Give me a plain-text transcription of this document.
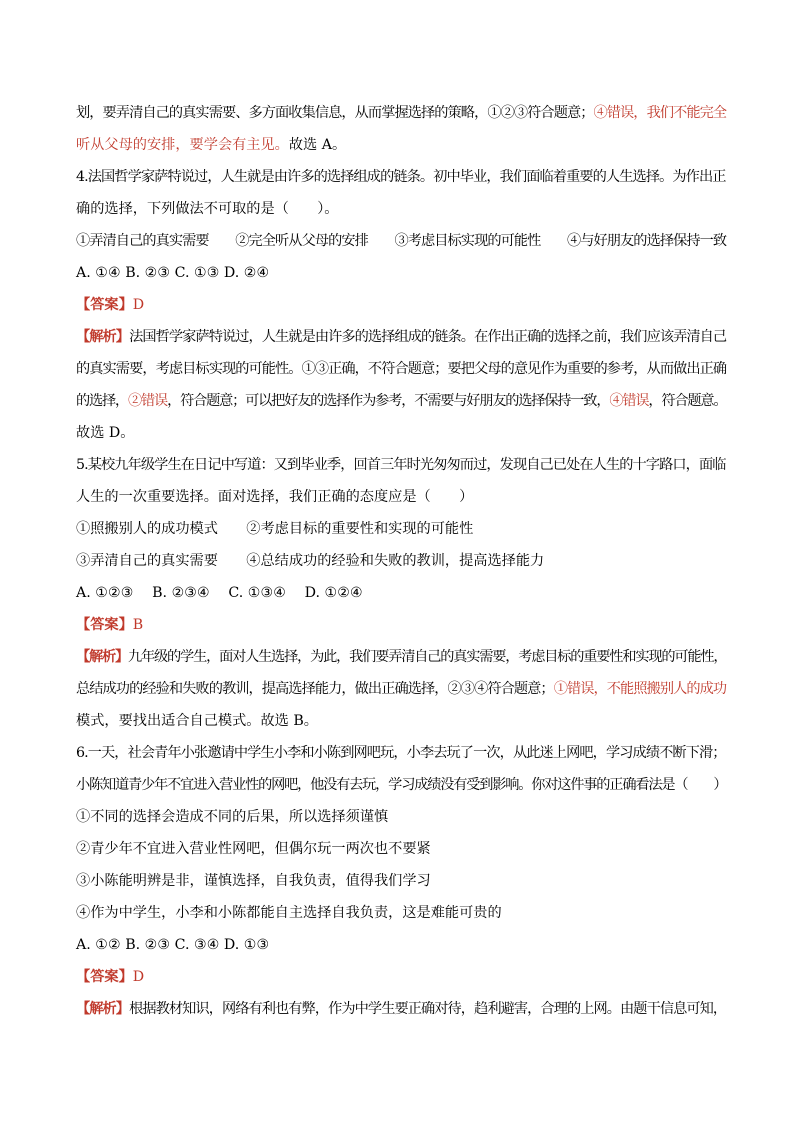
划，要弄清自己的真实需要、多方面收集信息，从而掌握选择的策略，①②③符合题意；④错误，我们不能完全
听从父母的安排，要学会有主见。故选 A。
4.法国哲学家萨特说过，人生就是由许多的选择组成的链条。初中毕业，我们面临着重要的人生选择。为作出正
确的选择，下列做法不可取的是（　　）。
①弄清自己的真实需要　　②完全听从父母的安排　　③考虑目标实现的可能性　　④与好朋友的选择保持一致
A. ①④ B. ②③ C. ①③ D. ②④
【答案】D
【解析】法国哲学家萨特说过，人生就是由许多的选择组成的链条。在作出正确的选择之前，我们应该弄清自己
的真实需要，考虑目标实现的可能性。①③正确，不符合题意；要把父母的意见作为重要的参考，从而做出正确
的选择，②错误，符合题意；可以把好友的选择作为参考，不需要与好朋友的选择保持一致，④错误，符合题意。
故选 D。
5.某校九年级学生在日记中写道：又到毕业季，回首三年时光匆匆而过，发现自己已处在人生的十字路口，面临
人生的一次重要选择。面对选择，我们正确的态度应是（　　）
①照搬别人的成功模式　　②考虑目标的重要性和实现的可能性
③弄清自己的真实需要　　④总结成功的经验和失败的教训，提高选择能力
A. ①②③　 B. ②③④　 C. ①③④　 D. ①②④
【答案】B
【解析】九年级的学生，面对人生选择，为此，我们要弄清自己的真实需要，考虑目标的重要性和实现的可能性，
总结成功的经验和失败的教训，提高选择能力，做出正确选择，②③④符合题意；①错误，不能照搬别人的成功
模式，要找出适合自己模式。故选 B。
6.一天，社会青年小张邀请中学生小李和小陈到网吧玩，小李去玩了一次，从此迷上网吧，学习成绩不断下滑；
小陈知道青少年不宜进入营业性的网吧，他没有去玩，学习成绩没有受到影响。你对这件事的正确看法是（　　）
①不同的选择会造成不同的后果，所以选择须谨慎
②青少年不宜进入营业性网吧，但偶尔玩一两次也不要紧
③小陈能明辨是非，谨慎选择，自我负责，值得我们学习
④作为中学生，小李和小陈都能自主选择自我负责，这是难能可贵的
A. ①② B. ②③ C. ③④ D. ①③
【答案】D
【解析】根据教材知识，网络有利也有弊，作为中学生要正确对待，趋利避害，合理的上网。由题干信息可知，
